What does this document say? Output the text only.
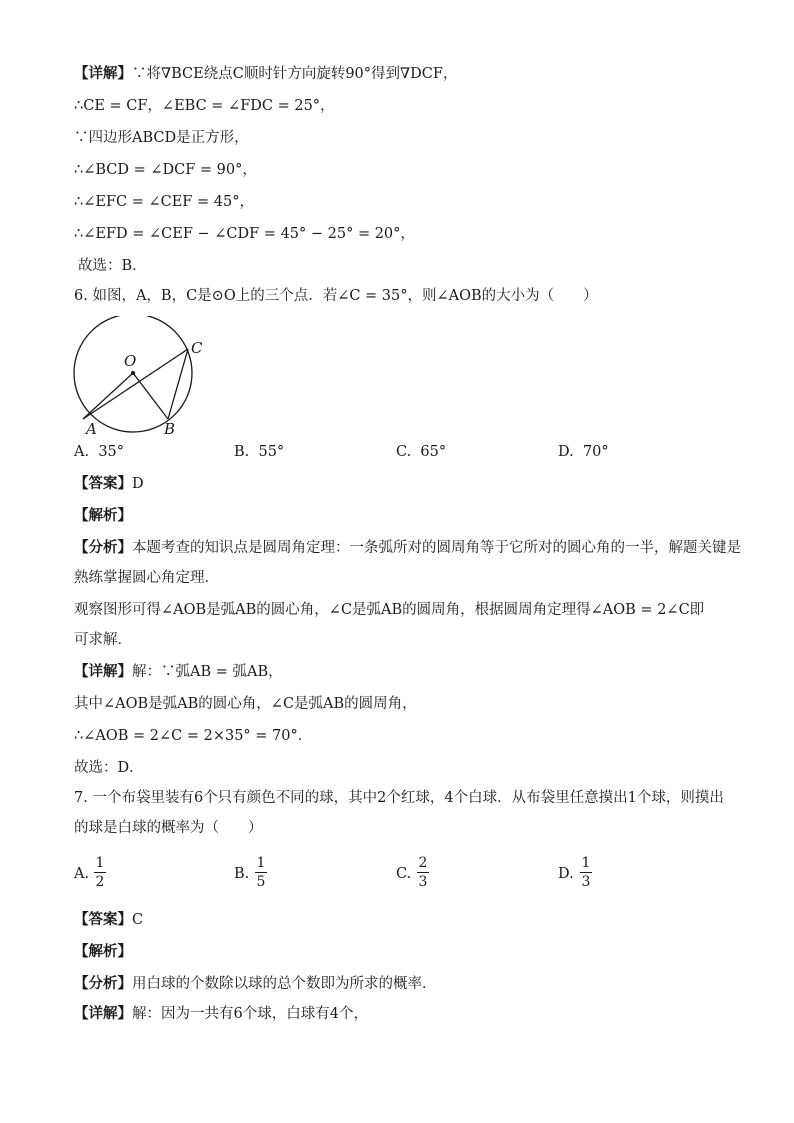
【详解】∵将∇BCE绕点C顺时针方向旋转90°得到∇DCF，
∴CE = CF，∠EBC = ∠FDC = 25°，
∵四边形ABCD是正方形，
∴∠BCD = ∠DCF = 90°，
∴∠EFC = ∠CEF = 45°，
∴∠EFD = ∠CEF − ∠CDF = 45° − 25° = 20°，
故选：B．
6. 如图，A，B，C是⊙O上的三个点．若∠C = 35°，则∠AOB的大小为（　　）
O
C
A	B
A. 35°	B. 55°	C. 65°	D. 70°
【答案】D
【解析】
【分析】本题考查的知识点是圆周角定理：一条弧所对的圆周角等于它所对的圆心角的一半，解题关键是
熟练掌握圆心角定理．
观察图形可得∠AOB是弧AB的圆心角，∠C是弧AB的圆周角，根据圆周角定理得∠AOB = 2∠C即
可求解．
【详解】解：∵弧AB = 弧AB，
其中∠AOB是弧AB的圆心角，∠C是弧AB的圆周角，
∴∠AOB = 2∠C = 2×35° = 70°．
故选：D．
7. 一个布袋里装有6个只有颜色不同的球，其中2个红球，4个白球．从布袋里任意摸出1个球，则摸出
的球是白球的概率为（　　）
A.
1
2	B.
1
5	C.
2
3	D.
1
3
【答案】C
【解析】
【分析】用白球的个数除以球的总个数即为所求的概率．
【详解】解：因为一共有6个球，白球有4个，
